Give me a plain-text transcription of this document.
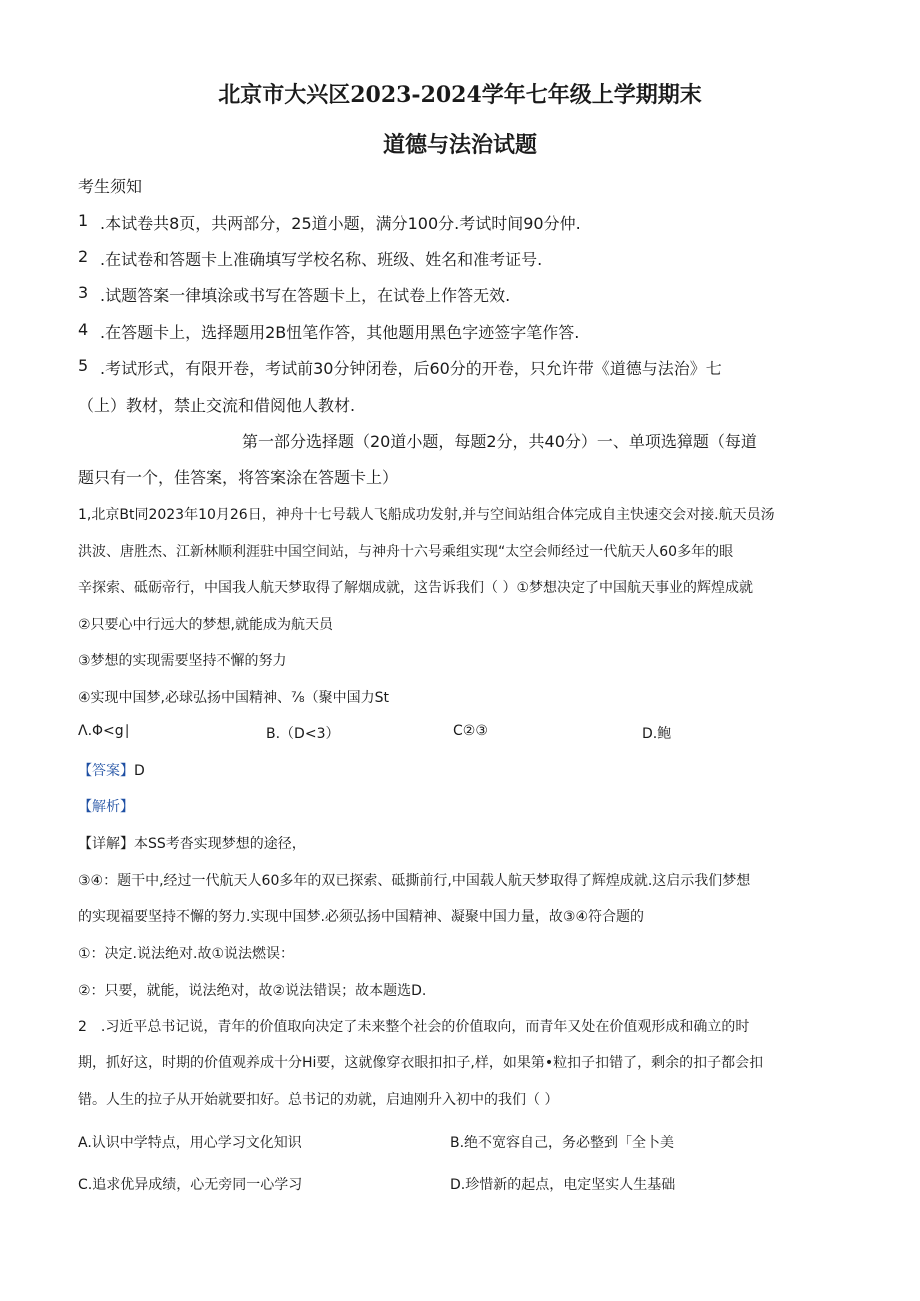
北京市大兴区2023-2024学年七年级上学期期末
道德与法治试题
考生须知
1 .本试卷共8页，共两部分，25道小题，满分100分.考试时间90分仲.
2 .在试卷和答题卡上准确填写学校名称、班级、姓名和准考证号.
3 .试题答案一律填涂或书写在答题卡上，在试卷上作答无效.
4 .在答题卡上，选择题用2B忸笔作答，其他题用黑色字迹签字笔作答.
5 .考试形式，有限开卷，考试前30分钟闭卷，后60分的开卷，只允许带《道德与法治》七
（上）教材，禁止交流和借阅他人教材.
第一部分选择题（20道小题，每题2分，共40分）一、单项选獐题（每道
题只有一个，佳答案，将答案涂在答题卡上）
1,北京Bt同2023年10月26日，神舟十七号载人飞船成功发射,并与空间站组合体完成自主快速交会对接.航天员汤
洪波、唐胜杰、江新林顺利涯驻中国空间站，与神舟十六号乘组实现“太空会师经过一代航天人60多年的眼
辛探索、砥砺帝行，中国我人航天梦取得了解烟成就，这告诉我们（ ）①梦想决定了中国航天事业的辉煌成就
②只要心中行远大的梦想,就能成为航天员
③梦想的实现需要坚持不懈的努力
④实现中国梦,必球弘扬中国精神、⅞（聚中国力St
Λ.Φ<g∣	B.（D<3）	C②③	D.鲍
【答案】D
【解析】
【详解】本SS考沓实现梦想的途径，
③④：题干中,经过一代航天人60多年的双已探索、砥撕前行,中国载人航天梦取得了辉煌成就.这启示我们梦想
的实现福要坚持不懈的努力.实现中国梦.必须弘扬中国精神、凝聚中国力量，故③④符合题的
①：决定.说法绝对.故①说法燃误：
②：只要，就能，说法绝对，故②说法错误；故本题选D.
2　.习近平总书记说，青年的价值取向决定了未来整个社会的价值取向，而青年又处在价值观形成和确立的时
期，抓好这，时期的价值观养成十分Hi要，这就像穿衣眼扣扣子,样，如果第•粒扣子扣错了，剩余的扣子都会扣
错。人生的拉子从开始就要扣好。总书记的劝就，启迪刚升入初中的我们（ ）
A.认识中学特点，用心学习文化知识	B.绝不宽容自己，务必整到「全卜美
C.追求优异成绩，心无旁同一心学习	D.珍惜新的起点，电定坚实人生基础
